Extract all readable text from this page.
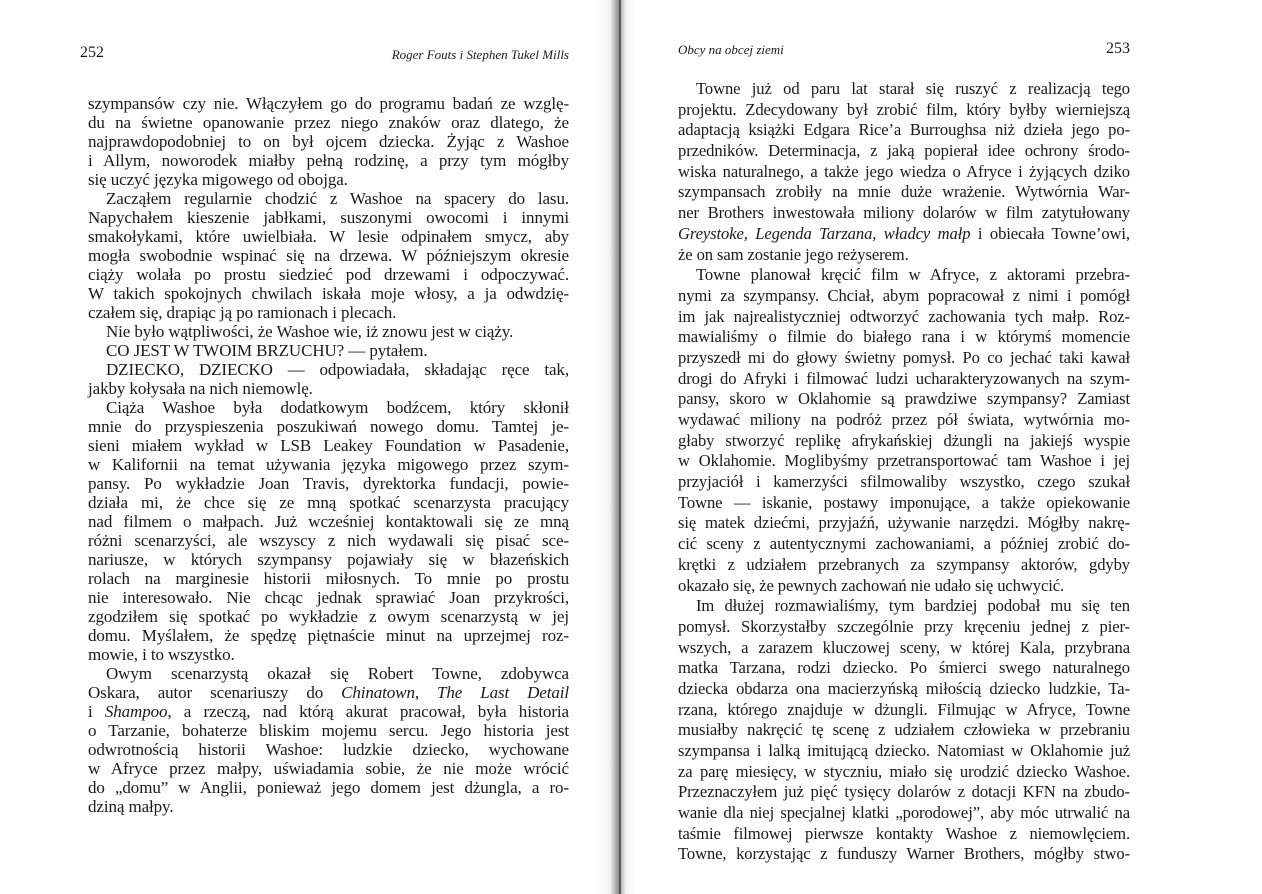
252	Roger Fouts i Stephen Tukel Mills
szympansów czy nie. Włączyłem go do programu badań ze wzglę-
du na świetne opanowanie przez niego znaków oraz dlatego, że
najprawdopodobniej to on był ojcem dziecka. Żyjąc z Washoe
i Allym, noworodek miałby pełną rodzinę, a przy tym mógłby
się uczyć języka migowego od obojga.
Zacząłem regularnie chodzić z Washoe na spacery do lasu.
Napychałem kieszenie jabłkami, suszonymi owocomi i innymi
smakołykami, które uwielbiała. W lesie odpinałem smycz, aby
mogła swobodnie wspinać się na drzewa. W późniejszym okresie
ciąży wolała po prostu siedzieć pod drzewami i odpoczywać.
W takich spokojnych chwilach iskała moje włosy, a ja odwdzię-
czałem się, drapiąc ją po ramionach i plecach.
Nie było wątpliwości, że Washoe wie, iż znowu jest w ciąży.
CO JEST W TWOIM BRZUCHU? — pytałem.
DZIECKO, DZIECKO — odpowiadała, składając ręce tak,
jakby kołysała na nich niemowlę.
Ciąża Washoe była dodatkowym bodźcem, który skłonił
mnie do przyspieszenia poszukiwań nowego domu. Tamtej je-
sieni miałem wykład w LSB Leakey Foundation w Pasadenie,
w Kalifornii na temat używania języka migowego przez szym-
pansy. Po wykładzie Joan Travis, dyrektorka fundacji, powie-
działa mi, że chce się ze mną spotkać scenarzysta pracujący
nad filmem o małpach. Już wcześniej kontaktowali się ze mną
różni scenarzyści, ale wszyscy z nich wydawali się pisać sce-
nariusze, w których szympansy pojawiały się w błazeńskich
rolach na marginesie historii miłosnych. To mnie po prostu
nie interesowało. Nie chcąc jednak sprawiać Joan przykrości,
zgodziłem się spotkać po wykładzie z owym scenarzystą w jej
domu. Myślałem, że spędzę piętnaście minut na uprzejmej roz-
mowie, i to wszystko.
Owym scenarzystą okazał się Robert Towne, zdobywca
Oskara, autor scenariuszy do Chinatown, The Last Detail
i Shampoo, a rzeczą, nad którą akurat pracował, była historia
o Tarzanie, bohaterze bliskim mojemu sercu. Jego historia jest
odwrotnością historii Washoe: ludzkie dziecko, wychowane
w Afryce przez małpy, uświadamia sobie, że nie może wrócić
do „domu” w Anglii, ponieważ jego domem jest dżungla, a ro-
dziną małpy.
Obcy na obcej ziemi	253
Towne już od paru lat starał się ruszyć z realizacją tego
projektu. Zdecydowany był zrobić film, który byłby wierniejszą
adaptacją książki Edgara Rice’a Burroughsa niż dzieła jego po-
przedników. Determinacja, z jaką popierał idee ochrony środo-
wiska naturalnego, a także jego wiedza o Afryce i żyjących dziko
szympansach zrobiły na mnie duże wrażenie. Wytwórnia War-
ner Brothers inwestowała miliony dolarów w film zatytułowany
Greystoke, Legenda Tarzana, władcy małp i obiecała Towne’owi,
że on sam zostanie jego reżyserem.
Towne planował kręcić film w Afryce, z aktorami przebra-
nymi za szympansy. Chciał, abym popracował z nimi i pomógł
im jak najrealistyczniej odtworzyć zachowania tych małp. Roz-
mawialiśmy o filmie do białego rana i w którymś momencie
przyszedł mi do głowy świetny pomysł. Po co jechać taki kawał
drogi do Afryki i filmować ludzi ucharakteryzowanych na szym-
pansy, skoro w Oklahomie są prawdziwe szympansy? Zamiast
wydawać miliony na podróż przez pół świata, wytwórnia mo-
głaby stworzyć replikę afrykańskiej dżungli na jakiejś wyspie
w Oklahomie. Moglibyśmy przetransportować tam Washoe i jej
przyjaciół i kamerzyści sfilmowaliby wszystko, czego szukał
Towne — iskanie, postawy imponujące, a także opiekowanie
się matek dziećmi, przyjaźń, używanie narzędzi. Mógłby nakrę-
cić sceny z autentycznymi zachowaniami, a później zrobić do-
krętki z udziałem przebranych za szympansy aktorów, gdyby
okazało się, że pewnych zachowań nie udało się uchwycić.
Im dłużej rozmawialiśmy, tym bardziej podobał mu się ten
pomysł. Skorzystałby szczególnie przy kręceniu jednej z pier-
wszych, a zarazem kluczowej sceny, w której Kala, przybrana
matka Tarzana, rodzi dziecko. Po śmierci swego naturalnego
dziecka obdarza ona macierzyńską miłością dziecko ludzkie, Ta-
rzana, którego znajduje w dżungli. Filmując w Afryce, Towne
musiałby nakręcić tę scenę z udziałem człowieka w przebraniu
szympansa i lalką imitującą dziecko. Natomiast w Oklahomie już
za parę miesięcy, w styczniu, miało się urodzić dziecko Washoe.
Przeznaczyłem już pięć tysięcy dolarów z dotacji KFN na zbudo-
wanie dla niej specjalnej klatki „porodowej”, aby móc utrwalić na
taśmie filmowej pierwsze kontakty Washoe z niemowlęciem.
Towne, korzystając z funduszy Warner Brothers, mógłby stwo-
